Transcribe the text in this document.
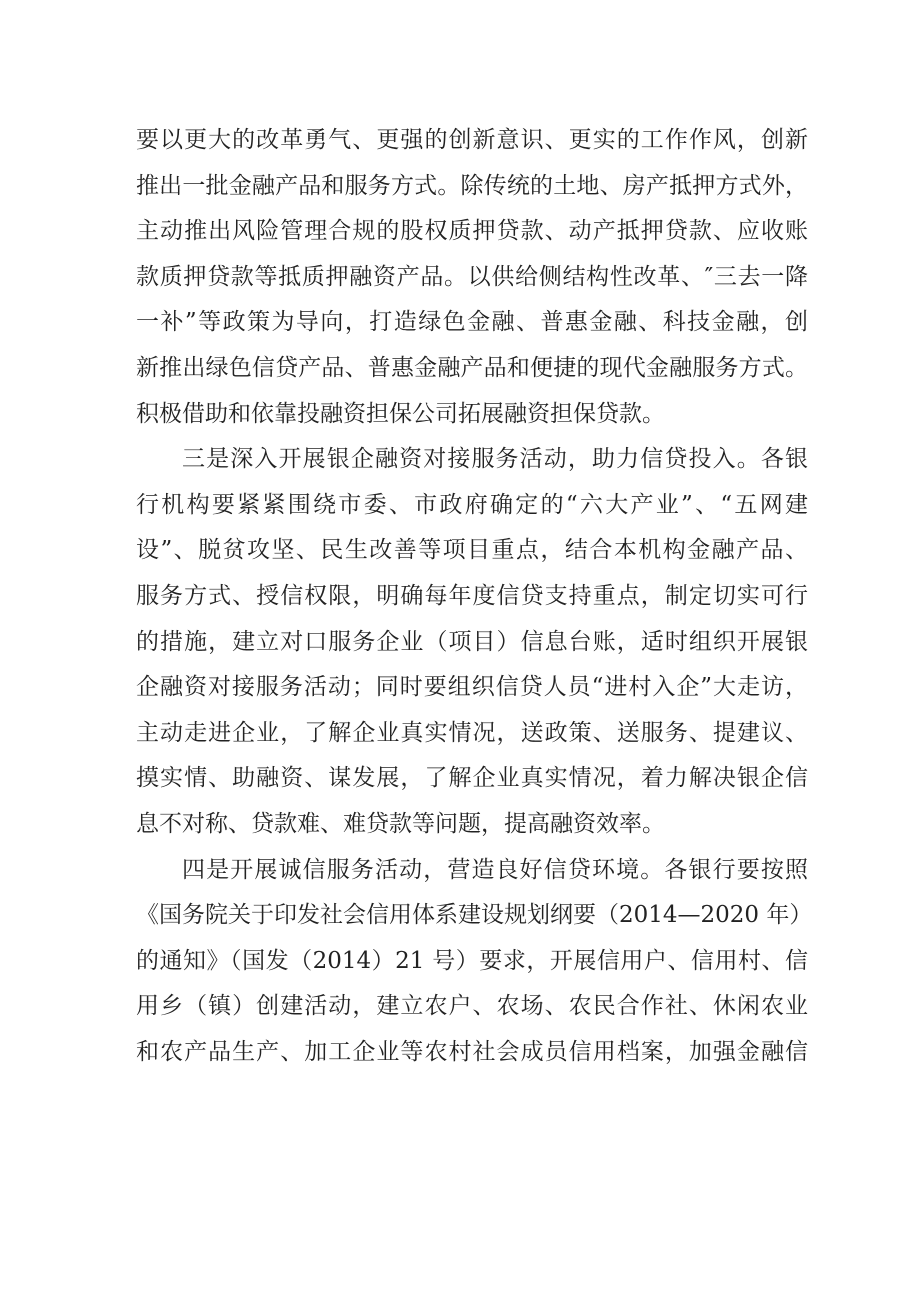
要以更大的改革勇气、更强的创新意识、更实的工作作风，创新
推出一批金融产品和服务方式。除传统的土地、房产抵押方式外，
主动推出风险管理合规的股权质押贷款、动产抵押贷款、应收账
款质押贷款等抵质押融资产品。以供给侧结构性改革、″三去一降
一补”等政策为导向，打造绿色金融、普惠金融、科技金融，创
新推出绿色信贷产品、普惠金融产品和便捷的现代金融服务方式。
积极借助和依靠投融资担保公司拓展融资担保贷款。
三是深入开展银企融资对接服务活动，助力信贷投入。各银
行机构要紧紧围绕市委、市政府确定的“六大产业”、“五网建
设”、脱贫攻坚、民生改善等项目重点，结合本机构金融产品、
服务方式、授信权限，明确每年度信贷支持重点，制定切实可行
的措施，建立对口服务企业（项目）信息台账，适时组织开展银
企融资对接服务活动；同时要组织信贷人员“进村入企”大走访，
主动走进企业，了解企业真实情况，送政策、送服务、提建议、
摸实情、助融资、谋发展，了解企业真实情况，着力解决银企信
息不对称、贷款难、难贷款等问题，提高融资效率。
四是开展诚信服务活动，营造良好信贷环境。各银行要按照
《国务院关于印发社会信用体系建设规划纲要（2014—2020 年）
的通知》（国发（2014）21 号）要求，开展信用户、信用村、信
用乡（镇）创建活动，建立农户、农场、农民合作社、休闲农业
和农产品生产、加工企业等农村社会成员信用档案，加强金融信
